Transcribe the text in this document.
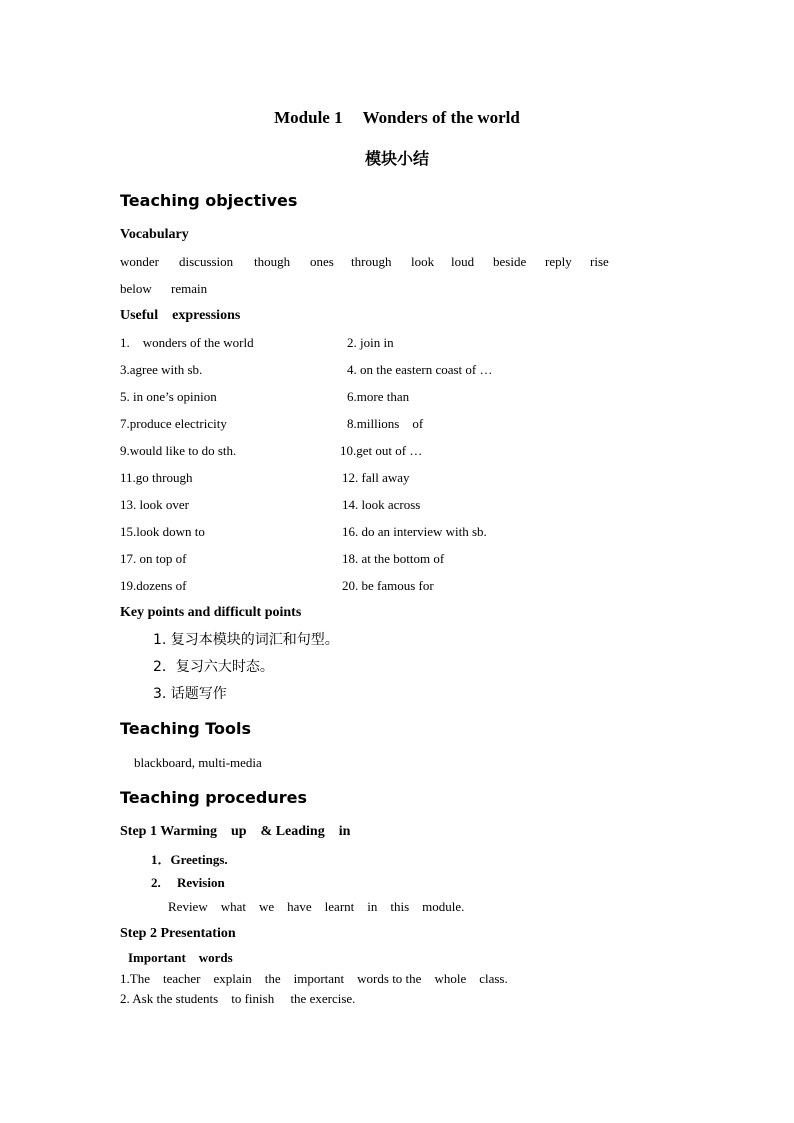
Module 1 Wonders of the world
模块小结
Teaching objectives
Vocabulary
wonder discussion though ones through look loud beside reply rise
below remain
Useful　expressions
1.　wonders of the world	2. join in
3.agree with sb.	4. on the eastern coast of …
5. in one’s opinion	6.more than
7.produce electricity	8.millions　of
9.would like to do sth.	10.get out of …
11.go through	12. fall away
13. look over	14. look across
15.look down to	16. do an interview with sb.
17. on top of	18. at the bottom of
19.dozens of	20. be famous for
Key points and difficult points
1. 复习本模块的词汇和句型。
2．复习六大时态。
3. 话题写作
Teaching Tools
blackboard, multi-media
Teaching procedures
Step 1 Warming　up　& Leading　in
1．Greetings.
2.　 Revision
Review　what　we　have　learnt　in　this　module.
Step 2 Presentation
Important　words
1.The　teacher　explain　the　important　words to the　whole　class.
2. Ask the students　to finish　 the exercise.
